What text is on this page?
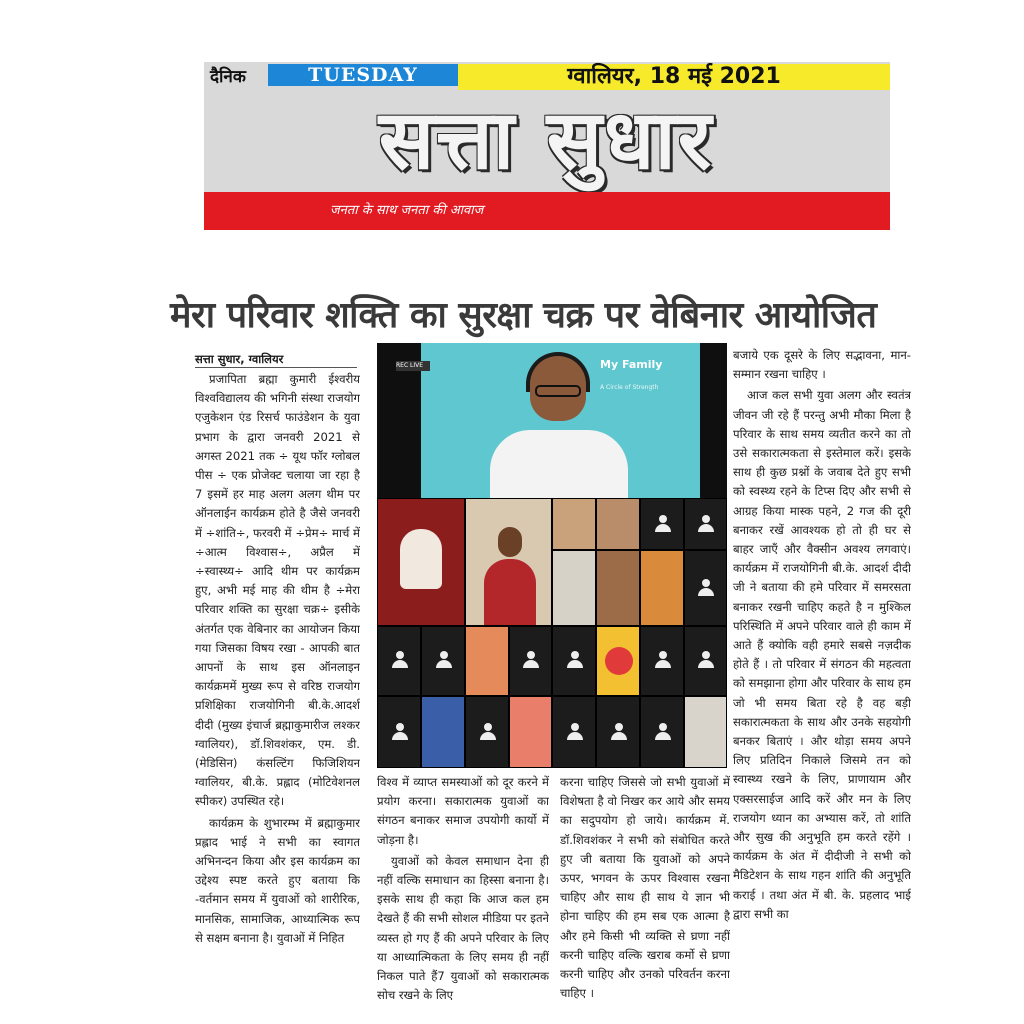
दैनिक	TUESDAY	ग्वालियर, 18 मई 2021
सत्ता सुधार
जनता के साथ जनता की आवाज
मेरा परिवार शक्ति का सुरक्षा चक्र पर वेबिनार आयोजित
सत्ता सुधार, ग्वालियर

प्रजापिता ब्रह्मा कुमारी ईश्वरीय विश्वविद्यालय की भगिनी संस्था राजयोग एजुकेशन एंड रिसर्च फाउंडेशन के युवा प्रभाग के द्वारा जनवरी 2021 से अगस्त 2021 तक ÷ यूथ फॉर ग्लोबल पीस ÷ एक प्रोजेक्ट चलाया जा रहा है 7 इसमें हर माह अलग अलग थीम पर ऑनलाईन कार्यक्रम होते है जैसे जनवरी में ÷शांति÷, फरवरी में ÷प्रेम÷ मार्च में ÷आत्म विश्वास÷, अप्रैल में ÷स्वास्थ्य÷ आदि थीम पर कार्यक्रम हुए, अभी मई माह की थीम है ÷मेरा परिवार शक्ति का सुरक्षा चक्र÷ इसीके अंतर्गत एक वेबिनार का आयोजन किया गया जिसका विषय रखा - आपकी बात आपनों के साथ इस ऑनलाइन कार्यक्रममें मुख्य रूप से वरिष्ठ राजयोग प्रशिक्षिका राजयोगिनी बी.के.आदर्श दीदी (मुख्य इंचार्ज ब्रह्माकुमारीज लश्कर ग्वालियर), डॉ.शिवशंकर, एम. डी. (मेडिसिन) कंसल्टिंग फिजिशियन ग्वालियर, बी.के. प्रह्लाद (मोटिवेशनल स्पीकर) उपस्थित रहे।

कार्यक्रम के शुभारम्भ में ब्रह्माकुमार प्रह्लाद भाई ने सभी का स्वागत अभिनन्दन किया और इस कार्यक्रम का उद्देश्य स्पष्ट करते हुए बताया कि -वर्तमान समय में युवाओं को शारीरिक, मानसिक, सामाजिक, आध्यात्मिक रूप से सक्षम बनाना है। युवाओं में निहित

My Family
A Circle of Strength
REC LIVE

विश्व में व्याप्त समस्याओं को दूर करने में प्रयोग करना। सकारात्मक युवाओं का संगठन बनाकर समाज उपयोगी कार्यो में जोड़ना है।

युवाओं को केवल समाधान देना ही नहीं वल्कि समाधान का हिस्सा बनाना है।इसके साथ ही कहा कि आज कल हम देखते हैं की सभी सोशल मीडिया पर इतने व्यस्त हो गए हैं की अपने परिवार के लिए या आध्यात्मिकता के लिए समय ही नहीं निकल पाते हैं7 युवाओं को सकारात्मक सोच रखने के लिए

करना चाहिए जिससे जो सभी युवाओं में विशेषता है वो निखर कर आये और समय का सदुपयोग हो जाये। कार्यक्रम में. डॉ.शिवशंकर ने सभी को संबोधित करते हुए जी बताया कि युवाओं को अपने ऊपर, भगवन के ऊपर विश्वास रखना चाहिए और साथ ही साथ ये ज्ञान भी होना चाहिए की हम सब एक आत्मा है और हमे किसी भी व्यक्ति से घ्रणा नहीं करनी चाहिए वल्कि खराब कर्मो से घ्रणा करनी चाहिए और उनको परिवर्तन करना चाहिए ।

बजाये एक दूसरे के लिए सद्भावना, मान-सम्मान रखना चाहिए ।

आज कल सभी युवा अलग और स्वतंत्र जीवन जी रहे हैं परन्तु अभी मौका मिला है परिवार के साथ समय व्यतीत करने का तो उसे सकारात्मकता से इस्तेमाल करें। इसके साथ ही कुछ प्रश्नों के जवाब देते हुए सभी को स्वस्थ्य रहने के टिप्स दिए और सभी से आग्रह किया मास्क पहने, 2 गज की दूरी बनाकर रखें आवश्यक हो तो ही घर से बाहर जाएँ और वैक्सीन अवश्य लगवाएं। कार्यक्रम में राजयोगिनी बी.के. आदर्श दीदी जी ने बताया की हमे परिवार में समरसता बनाकर रखनी चाहिए कहते है न मुश्किल परिस्थिति में अपने परिवार वाले ही काम में आते हैं क्योकि वही हमारे सबसे नज़दीक होते हैं । तो परिवार में संगठन की महत्वता को समझाना होगा और परिवार के साथ हम जो भी समय बिता रहे है वह बड़ी सकारात्मकता के साथ और उनके सहयोगी बनकर बिताएं । और थोड़ा समय अपने लिए प्रतिदिन निकाले जिसमे तन को स्वास्थ्य रखने के लिए, प्राणायाम और एक्सरसाईज आदि करें और मन के लिए राजयोग ध्यान का अभ्यास करें, तो शांति और सुख की अनुभूति हम करते रहेंगे । कार्यक्रम के अंत में दीदीजी ने सभी को मैडिटेशन के साथ गहन शांति की अनुभूति कराई । तथा अंत में बी. के. प्रहलाद भाई द्वारा सभी का
